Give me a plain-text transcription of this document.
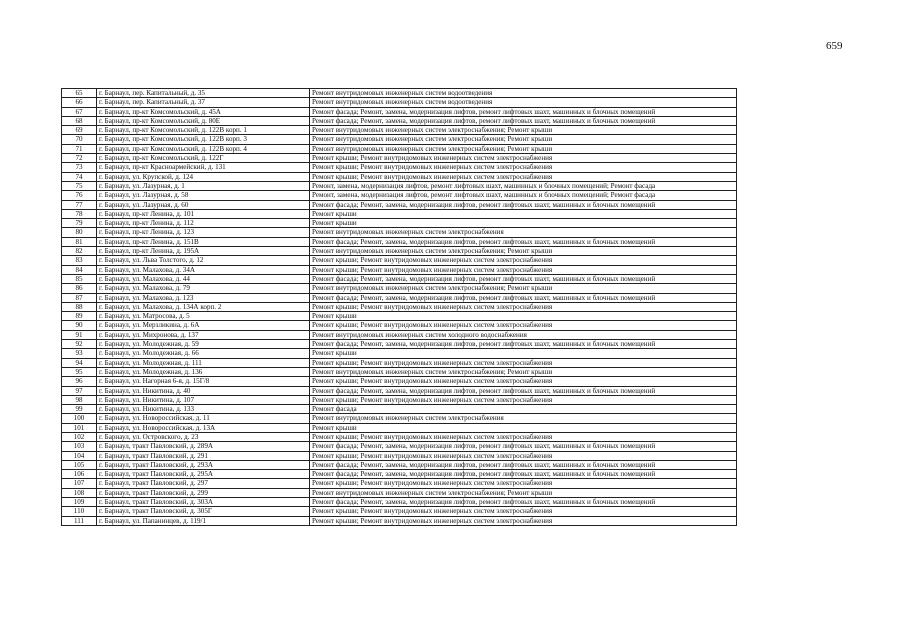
659
65	г. Барнаул, пер. Капитальный, д. 35	Ремонт внутридомовых инженерных систем водоотведения
66	г. Барнаул, пер. Капитальный, д. 37	Ремонт внутридомовых инженерных систем водоотведения
67	г. Барнаул, пр-кт Комсомольский, д. 45А	Ремонт фасада; Ремонт, замена, модернизация лифтов, ремонт лифтовых шахт, машинных и блочных помещений
68	г. Барнаул, пр-кт Комсомольский, д. 80Е	Ремонт фасада; Ремонт, замена, модернизация лифтов, ремонт лифтовых шахт, машинных и блочных помещений
69	г. Барнаул, пр-кт Комсомольский, д. 122В корп. 1	Ремонт внутридомовых инженерных систем электроснабжения; Ремонт крыши
70	г. Барнаул, пр-кт Комсомольский, д. 122В корп. 3	Ремонт внутридомовых инженерных систем электроснабжения; Ремонт крыши
71	г. Барнаул, пр-кт Комсомольский, д. 122В корп. 4	Ремонт внутридомовых инженерных систем электроснабжения; Ремонт крыши
72	г. Барнаул, пр-кт Комсомольский, д. 122Г	Ремонт крыши; Ремонт внутридомовых инженерных систем электроснабжения
73	г. Барнаул, пр-кт Красноармейский, д. 131	Ремонт крыши; Ремонт внутридомовых инженерных систем электроснабжения
74	г. Барнаул, ул. Крупской, д. 124	Ремонт крыши; Ремонт внутридомовых инженерных систем электроснабжения
75	г. Барнаул, ул. Лазурная, д. 1	Ремонт, замена, модернизация лифтов, ремонт лифтовых шахт, машинных и блочных помещений; Ремонт фасада
76	г. Барнаул, ул. Лазурная, д. 58	Ремонт, замена, модернизация лифтов, ремонт лифтовых шахт, машинных и блочных помещений; Ремонт фасада
77	г. Барнаул, ул. Лазурная, д. 60	Ремонт фасада; Ремонт, замена, модернизация лифтов, ремонт лифтовых шахт, машинных и блочных помещений
78	г. Барнаул, пр-кт Ленина, д. 101	Ремонт крыши
79	г. Барнаул, пр-кт Ленина, д. 112	Ремонт крыши
80	г. Барнаул, пр-кт Ленина, д. 123	Ремонт внутридомовых инженерных систем электроснабжения
81	г. Барнаул, пр-кт Ленина, д. 151В	Ремонт фасада; Ремонт, замена, модернизация лифтов, ремонт лифтовых шахт, машинных и блочных помещений
82	г. Барнаул, пр-кт Ленина, д. 195А	Ремонт внутридомовых инженерных систем электроснабжения; Ремонт крыши
83	г. Барнаул, ул. Льва Толстого, д. 12	Ремонт крыши; Ремонт внутридомовых инженерных систем электроснабжения
84	г. Барнаул, ул. Малахова, д. 34А	Ремонт крыши; Ремонт внутридомовых инженерных систем электроснабжения
85	г. Барнаул, ул. Малахова, д. 44	Ремонт фасада; Ремонт, замена, модернизация лифтов, ремонт лифтовых шахт, машинных и блочных помещений
86	г. Барнаул, ул. Малахова, д. 79	Ремонт внутридомовых инженерных систем электроснабжения; Ремонт крыши
87	г. Барнаул, ул. Малахова, д. 123	Ремонт фасада; Ремонт, замена, модернизация лифтов, ремонт лифтовых шахт, машинных и блочных помещений
88	г. Барнаул, ул. Малахова, д. 134А корп. 2	Ремонт крыши; Ремонт внутридомовых инженерных систем электроснабжения
89	г. Барнаул, ул. Матросова, д. 5	Ремонт крыши
90	г. Барнаул, ул. Мерзликина, д. 6А	Ремонт крыши; Ремонт внутридомовых инженерных систем электроснабжения
91	г. Барнаул, ул. Михронова, д. 137	Ремонт внутридомовых инженерных систем холодного водоснабжения
92	г. Барнаул, ул. Молодежная, д. 59	Ремонт фасада; Ремонт, замена, модернизация лифтов, ремонт лифтовых шахт, машинных и блочных помещений
93	г. Барнаул, ул. Молодежная, д. 66	Ремонт крыши
94	г. Барнаул, ул. Молодежная, д. 111	Ремонт крыши; Ремонт внутридомовых инженерных систем электроснабжения
95	г. Барнаул, ул. Молодежная, д. 136	Ремонт внутридомовых инженерных систем электроснабжения; Ремонт крыши
96	г. Барнаул, ул. Нагорная 6-я, д. 15Г/8	Ремонт крыши; Ремонт внутридомовых инженерных систем электроснабжения
97	г. Барнаул, ул. Никитина, д. 40	Ремонт фасада; Ремонт, замена, модернизация лифтов, ремонт лифтовых шахт, машинных и блочных помещений
98	г. Барнаул, ул. Никитина, д. 107	Ремонт крыши; Ремонт внутридомовых инженерных систем электроснабжения
99	г. Барнаул, ул. Никитина, д. 133	Ремонт фасада
100	г. Барнаул, ул. Новороссийская, д. 11	Ремонт внутридомовых инженерных систем электроснабжения
101	г. Барнаул, ул. Новороссийская, д. 13А	Ремонт крыши
102	г. Барнаул, ул. Островского, д. 23	Ремонт крыши; Ремонт внутридомовых инженерных систем электроснабжения
103	г. Барнаул, тракт Павловский, д. 289А	Ремонт фасада; Ремонт, замена, модернизация лифтов, ремонт лифтовых шахт, машинных и блочных помещений
104	г. Барнаул, тракт Павловский, д. 291	Ремонт крыши; Ремонт внутридомовых инженерных систем электроснабжения
105	г. Барнаул, тракт Павловский, д. 293А	Ремонт фасада; Ремонт, замена, модернизация лифтов, ремонт лифтовых шахт, машинных и блочных помещений
106	г. Барнаул, тракт Павловский, д. 295А	Ремонт фасада; Ремонт, замена, модернизация лифтов, ремонт лифтовых шахт, машинных и блочных помещений
107	г. Барнаул, тракт Павловский, д. 297	Ремонт крыши; Ремонт внутридомовых инженерных систем электроснабжения
108	г. Барнаул, тракт Павловский, д. 299	Ремонт внутридомовых инженерных систем электроснабжения; Ремонт крыши
109	г. Барнаул, тракт Павловский, д. 303А	Ремонт фасада; Ремонт, замена, модернизация лифтов, ремонт лифтовых шахт, машинных и блочных помещений
110	г. Барнаул, тракт Павловский, д. 305Г	Ремонт крыши; Ремонт внутридомовых инженерных систем электроснабжения
111	г. Барнаул, ул. Папанинцев, д. 119/1	Ремонт крыши; Ремонт внутридомовых инженерных систем электроснабжения
